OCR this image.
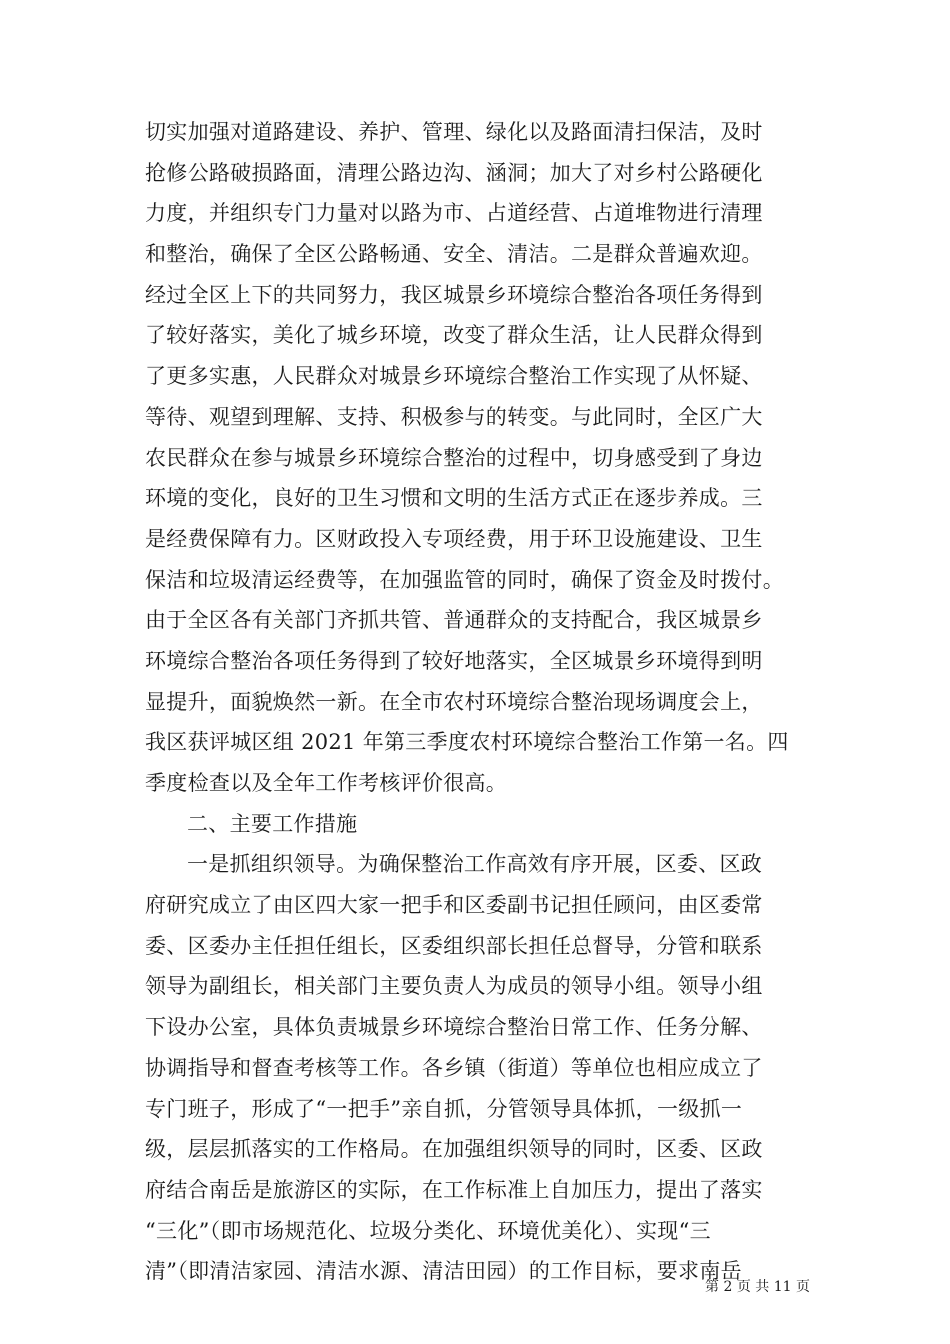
切实加强对道路建设、养护、管理、绿化以及路面清扫保洁，及时
抢修公路破损路面，清理公路边沟、涵洞；加大了对乡村公路硬化
力度，并组织专门力量对以路为市、占道经营、占道堆物进行清理
和整治，确保了全区公路畅通、安全、清洁。二是群众普遍欢迎。
经过全区上下的共同努力，我区城景乡环境综合整治各项任务得到
了较好落实，美化了城乡环境，改变了群众生活，让人民群众得到
了更多实惠，人民群众对城景乡环境综合整治工作实现了从怀疑、
等待、观望到理解、支持、积极参与的转变。与此同时，全区广大
农民群众在参与城景乡环境综合整治的过程中，切身感受到了身边
环境的变化，良好的卫生习惯和文明的生活方式正在逐步养成。三
是经费保障有力。区财政投入专项经费，用于环卫设施建设、卫生
保洁和垃圾清运经费等，在加强监管的同时，确保了资金及时拨付。
由于全区各有关部门齐抓共管、普通群众的支持配合，我区城景乡
环境综合整治各项任务得到了较好地落实，全区城景乡环境得到明
显提升，面貌焕然一新。在全市农村环境综合整治现场调度会上，
我区获评城区组 2021 年第三季度农村环境综合整治工作第一名。四
季度检查以及全年工作考核评价很高。
二、主要工作措施
一是抓组织领导。为确保整治工作高效有序开展，区委、区政
府研究成立了由区四大家一把手和区委副书记担任顾问，由区委常
委、区委办主任担任组长，区委组织部长担任总督导，分管和联系
领导为副组长，相关部门主要负责人为成员的领导小组。领导小组
下设办公室，具体负责城景乡环境综合整治日常工作、任务分解、
协调指导和督查考核等工作。各乡镇（街道）等单位也相应成立了
专门班子，形成了“一把手”亲自抓，分管领导具体抓，一级抓一
级，层层抓落实的工作格局。在加强组织领导的同时，区委、区政
府结合南岳是旅游区的实际，在工作标准上自加压力，提出了落实
“三化”（即市场规范化、垃圾分类化、环境优美化）、实现“三
清”（即清洁家园、清洁水源、清洁田园）的工作目标，要求南岳
第 2 页 共 11 页
